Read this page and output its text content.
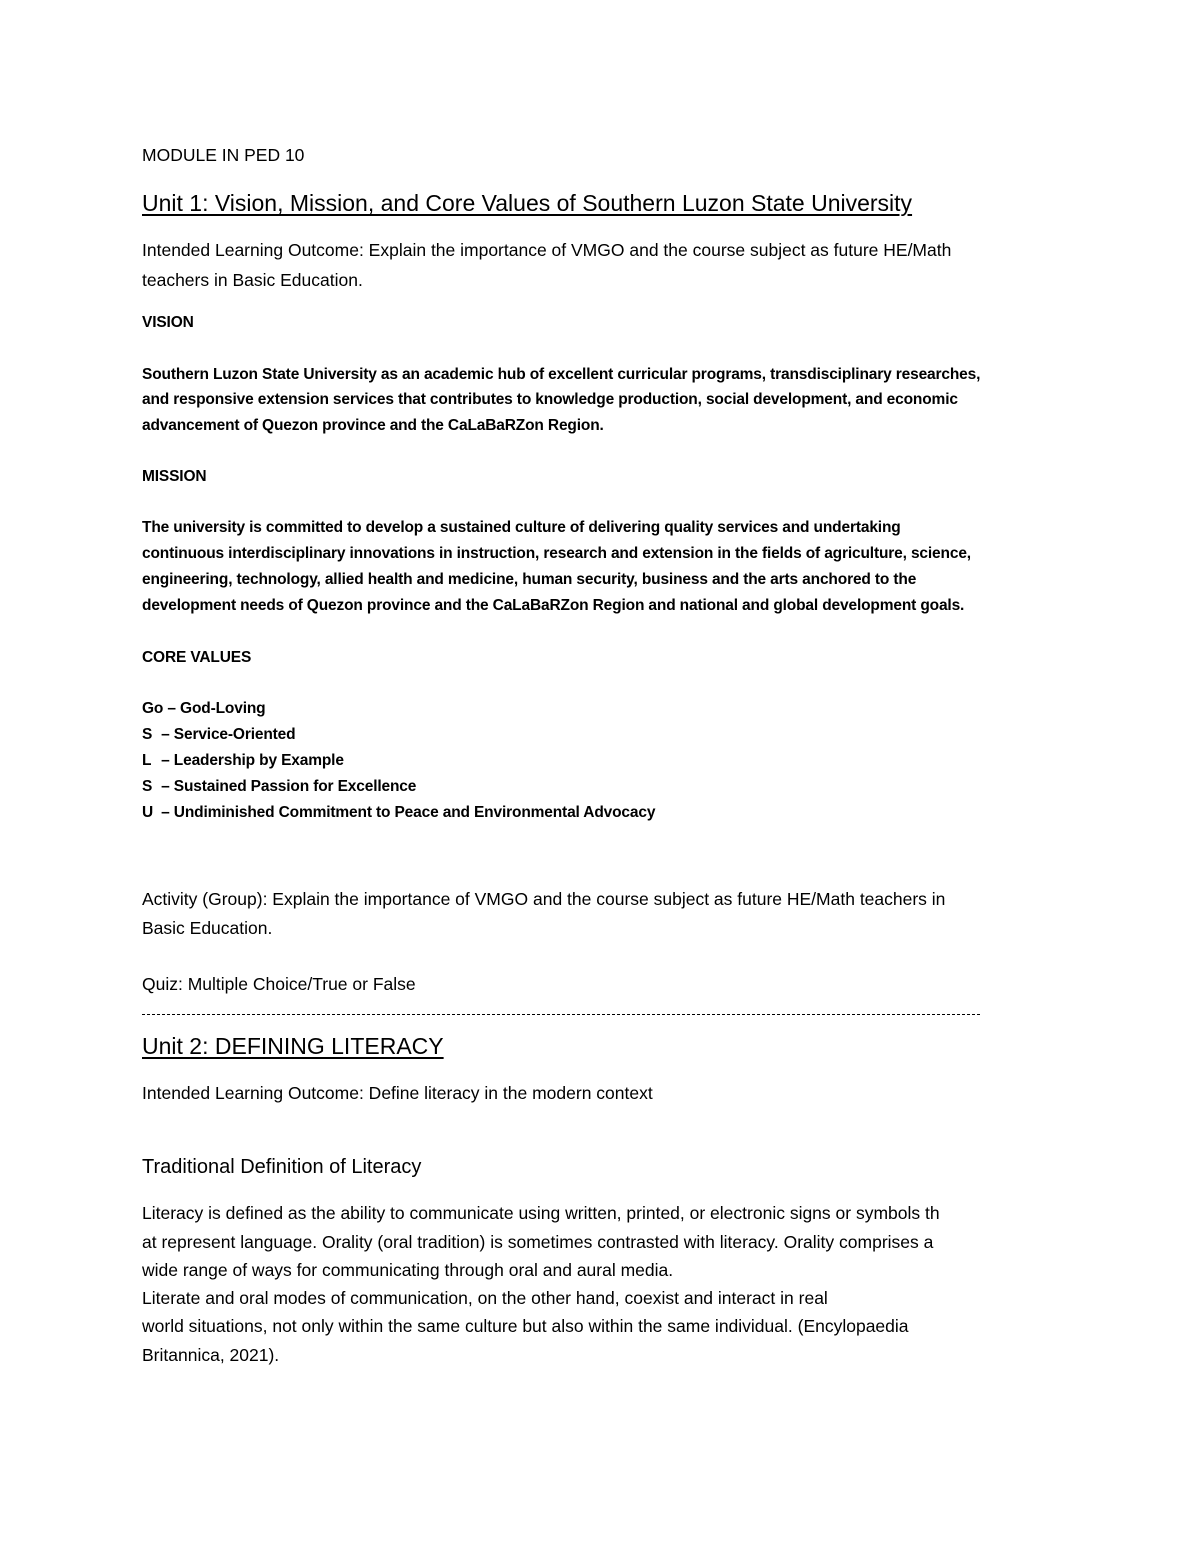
MODULE IN PED 10

Unit 1: Vision, Mission, and Core Values of Southern Luzon State University

Intended Learning Outcome: Explain the importance of VMGO and the course subject as future HE/Math

teachers in Basic Education.

VISION

Southern Luzon State University as an academic hub of excellent curricular programs, transdisciplinary researches,

and responsive extension services that contributes to knowledge production, social development, and economic

advancement of Quezon province and the CaLaBaRZon Region.

MISSION

The university is committed to develop a sustained culture of delivering quality services and undertaking

continuous interdisciplinary innovations in instruction, research and extension in the fields of agriculture, science,

engineering, technology, allied health and medicine, human security, business and the arts anchored to the

development needs of Quezon province and the CaLaBaRZon Region and national and global development goals.

CORE VALUES

Go – God-Loving

S – Service-Oriented

L – Leadership by Example

S – Sustained Passion for Excellence

U – Undiminished Commitment to Peace and Environmental Advocacy

Activity (Group): Explain the importance of VMGO and the course subject as future HE/Math teachers in

Basic Education.

Quiz: Multiple Choice/True or False

Unit 2: DEFINING LITERACY

Intended Learning Outcome: Define literacy in the modern context

Traditional Definition of Literacy

Literacy is defined as the ability to communicate using written, printed, or electronic signs or symbols th

at represent language. Orality (oral tradition) is sometimes contrasted with literacy. Orality comprises a

wide range of ways for communicating through oral and aural media.

Literate and oral modes of communication, on the other hand, coexist and interact in real

world situations, not only within the same culture but also within the same individual. (Encylopaedia

Britannica, 2021).
